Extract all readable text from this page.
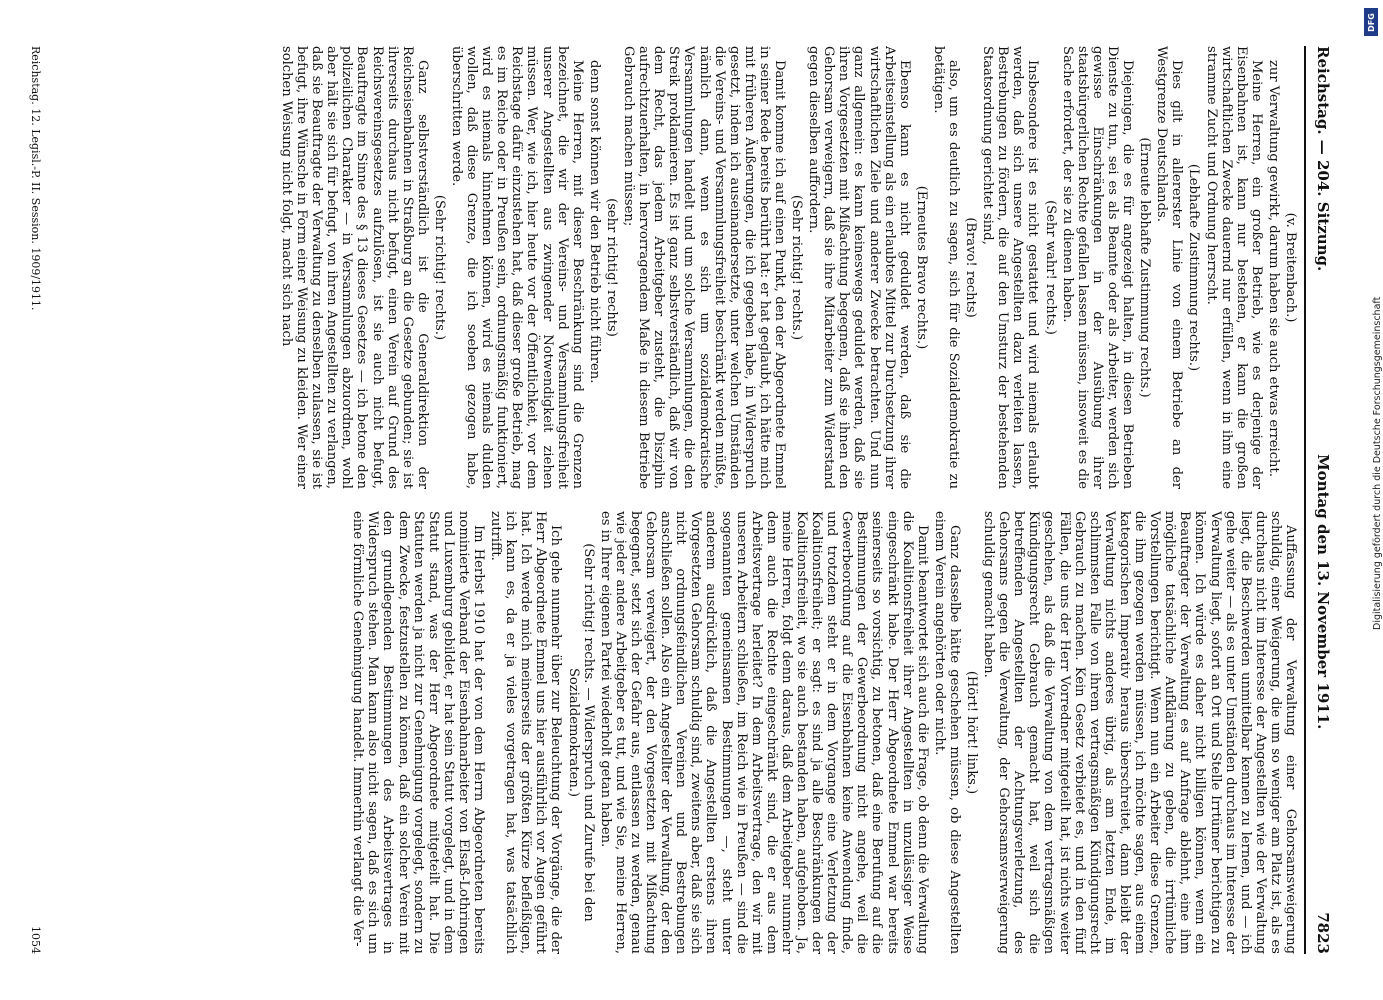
Reichstag. — 204. Sitzung.
Montag den 13. November 1911.
7823

(v. Breitenbach.)

zur Verwaltung gewirkt, darum haben sie auch etwas erreicht.

Meine Herren, ein großer Betrieb, wie es derjenige der Eisenbahnen ist, kann nur bestehen, er kann die großen wirtschaftlichen Zwecke dauernd nur erfüllen, wenn in ihm eine stramme Zucht und Ordnung herrscht.

(Lebhafte Zustimmung rechts.)

Dies gilt in allererster Linie von einem Betriebe an der Westgrenze Deutschlands.

(Erneute lebhafte Zustimmung rechts.)

Diejenigen, die es für angezeigt halten, in diesen Betrieben Dienste zu tun, sei es als Beamte oder als Arbeiter, werden sich gewisse Einschränkungen in der Ausübung ihrer staatsbürgerlichen Rechte gefallen lassen müssen, insoweit es die Sache erfordert, der sie zu dienen haben.

(Sehr wahr! rechts.)

Insbesondere ist es nicht gestattet und wird niemals erlaubt werden, daß sich unsere Angestellten dazu verleiten lassen, Bestrebungen zu fördern, die auf den Umsturz der bestehenden Staatsordnung gerichtet sind,

(Bravo! rechts)

also, um es deutlich zu sagen, sich für die Sozialdemokratie zu betätigen.

(Erneutes Bravo rechts.)

Ebenso kann es nicht geduldet werden, daß sie die Arbeitseinstellung als ein erlaubtes Mittel zur Durchsetzung ihrer wirtschaftlichen Ziele und anderer Zwecke betrachten. Und nun ganz allgemein: es kann keineswegs geduldet werden, daß sie ihren Vorgesetzten mit Mißachtung begegnen, daß sie ihnen den Gehorsam verweigern, daß sie ihre Mitarbeiter zum Widerstand gegen dieselben auffordern.

(Sehr richtig! rechts.)

Damit komme ich auf einen Punkt, den der Abgeordnete Emmel in seiner Rede bereits berührt hat: er hat geglaubt, ich hätte mich mit früheren Äußerungen, die ich gegeben habe, in Widerspruch gesetzt, indem ich auseinandersetzte, unter welchen Umständen die Vereins- und Versammlungsfreiheit beschränkt werden müßte, nämlich dann, wenn es sich um sozialdemokratische Versammlungen handelt und um solche Versammlungen, die den Streik proklamieren. Es ist ganz selbstverständlich, daß wir von dem Recht, das jedem Arbeitgeber zusteht, die Disziplin aufrechtzuerhalten, in hervorragendem Maße in diesem Betriebe Gebrauch machen müssen;

(sehr richtig! rechts)

denn sonst können wir den Betrieb nicht führen.

Meine Herren, mit dieser Beschränkung sind die Grenzen bezeichnet, die wir der Vereins- und Versammlungsfreiheit unserer Angestellten aus zwingender Notwendigkeit ziehen müssen. Wer, wie ich, hier heute vor der Öffentlichkeit, vor dem Reichstage dafür einzustehen hat, daß dieser große Betrieb, mag es im Reiche oder in Preußen sein, ordnungsmäßig funktioniert, wird es niemals hinnehmen können, wird es niemals dulden wollen, daß diese Grenze, die ich soeben gezogen habe, überschritten werde.

(Sehr richtig! rechts.)

Ganz selbstverständlich ist die Generaldirektion der Reichseisenbahnen in Straßburg an die Gesetze gebunden; sie ist ihrerseits durchaus nicht befugt, einen Verein auf Grund des Reichsvereinsgesetzes aufzulösen, ist sie auch nicht befugt, Beauftragte im Sinne des § 13 dieses Gesetzes — ich betone den polizeilichen Charakter — in Versammlungen abzuordnen, wohl aber hält sie sich für befugt, von ihren Angestellten zu verlangen, daß sie Beauftragte der Verwaltung zu denselben zulassen, sie ist befugt, ihre Wünsche in Form einer Weisung zu kleiden. Wer einer solchen Weisung nicht folgt, macht sich nach

Auffassung der Verwaltung einer Gehorsamsweigerung schuldig, einer Weigerung, die um so weniger am Platz ist, als es durchaus nicht im Interesse der Angestellten wie der Verwaltung liegt, die Beschwerden unmittelbar kennen zu lernen, und — ich gehe weiter — als es unter Umständen durchaus im Interesse der Verwaltung liegt, sofort an Ort und Stelle Irrtümer berichtigen zu können. Ich würde es daher nicht billigen können, wenn ein Beauftragter der Verwaltung es auf Anfrage ablehnt, eine ihm mögliche tatsächliche Aufklärung zu geben, die irrtümliche Vorstellungen berichtigt. Wenn nun ein Arbeiter diese Grenzen, die ihm gezogen werden müssen, ich möchte sagen, aus einem kategorischen Imperativ heraus überschreitet, dann bleibt der Verwaltung nichts anderes übrig, als am letzten Ende, im schlimmsten Falle von ihrem vertragsmäßigen Kündigungsrecht Gebrauch zu machen. Kein Gesetz verbietet es, und in den fünf Fällen, die uns der Herr Vorredner mitgeteilt hat, ist nichts weiter geschehen, als daß die Verwaltung von dem vertragsmäßigen Kündigungsrecht Gebrauch gemacht hat, weil sich die betreffenden Angestellten der Achtungsverletzung, des Gehorsams gegen die Verwaltung, der Gehorsamsverweigerung schuldig gemacht haben.

(Hört! hört! links.)

Ganz dasselbe hätte geschehen müssen, ob diese Angestellten einem Verein angehörten oder nicht.

Damit beantwortet sich auch die Frage, ob denn die Verwaltung die Koalitionsfreiheit ihrer Angestellten in unzulässiger Weise eingeschränkt habe. Der Herr Abgeordnete Emmel war bereits seinerseits so vorsichtig, zu betonen, daß eine Berufung auf die Bestimmungen der Gewerbeordnung nicht angehe, weil die Gewerbeordnung auf die Eisenbahnen keine Anwendung finde, und trotzdem steht er in dem Vorgange eine Verletzung der Koalitionsfreiheit; er sagt: es sind ja alle Beschränkungen der Koalitionsfreiheit, wo sie auch bestanden haben, aufgehoben. Ja, meine Herren, folgt denn daraus, daß dem Arbeitgeber nunmehr denn auch die Rechte eingeschränkt sind, die er aus dem Arbeitsvertrage herleitet? In dem Arbeitsvertrage, den wir mit unseren Arbeitern schließen, im Reich wie in Preußen — sind die sogenannten gemeinsamen Bestimmungen —, steht unter anderem ausdrücklich, daß die Angestellten erstens ihren Vorgesetzten Gehorsam schuldig sind, zweitens aber, daß sie sich nicht ordnungsfeindlichen Vereinen und Bestrebungen anschließen sollen. Also ein Angestellter der Verwaltung, der den Gehorsam verweigert, der den Vorgesetzten mit Mißachtung begegnet, setzt sich der Gefahr aus, entlassen zu werden, genau wie jeder andere Arbeitgeber es tut, und wie Sie, meine Herren, es in Ihrer eigenen Partei wiederholt getan haben.

(Sehr richtig! rechts. — Widerspruch und Zurufe bei den Sozialdemokraten.)

Ich gehe nunmehr über zur Beleuchtung der Vorgänge, die der Herr Abgeordnete Emmel uns hier ausführlich vor Augen geführt hat. Ich werde mich meinerseits der größten Kürze befleißigen, ich kann es, da er ja vieles vorgetragen hat, was tatsächlich zutrifft.

Im Herbst 1910 hat der von dem Herrn Abgeordneten bereits nominierte Verband der Eisenbahnarbeiter von Elsaß-Lothringen und Luxemburg gebildet, er hat sein Statut vorgelegt, und in dem Statut stand, was der Herr Abgeordnete mitgeteilt hat. Die Statuten werden ja nicht zur Genehmigung vorgelegt, sondern zu dem Zwecke, festzustellen zu können, daß ein solcher Verein mit den grundlegenden Bestimmungen des Arbeitsvertrages in Widerspruch stehen. Man kann also nicht sagen, daß es sich um eine förmliche Genehmigung handelt. Immerhin verlangt die Ver-

Reichstag. 12. Legisl.-P. II. Session. 1909/1911.
1054
DFG
Digitalisierung gefördert durch die Deutsche Forschungsgemeinschaft
